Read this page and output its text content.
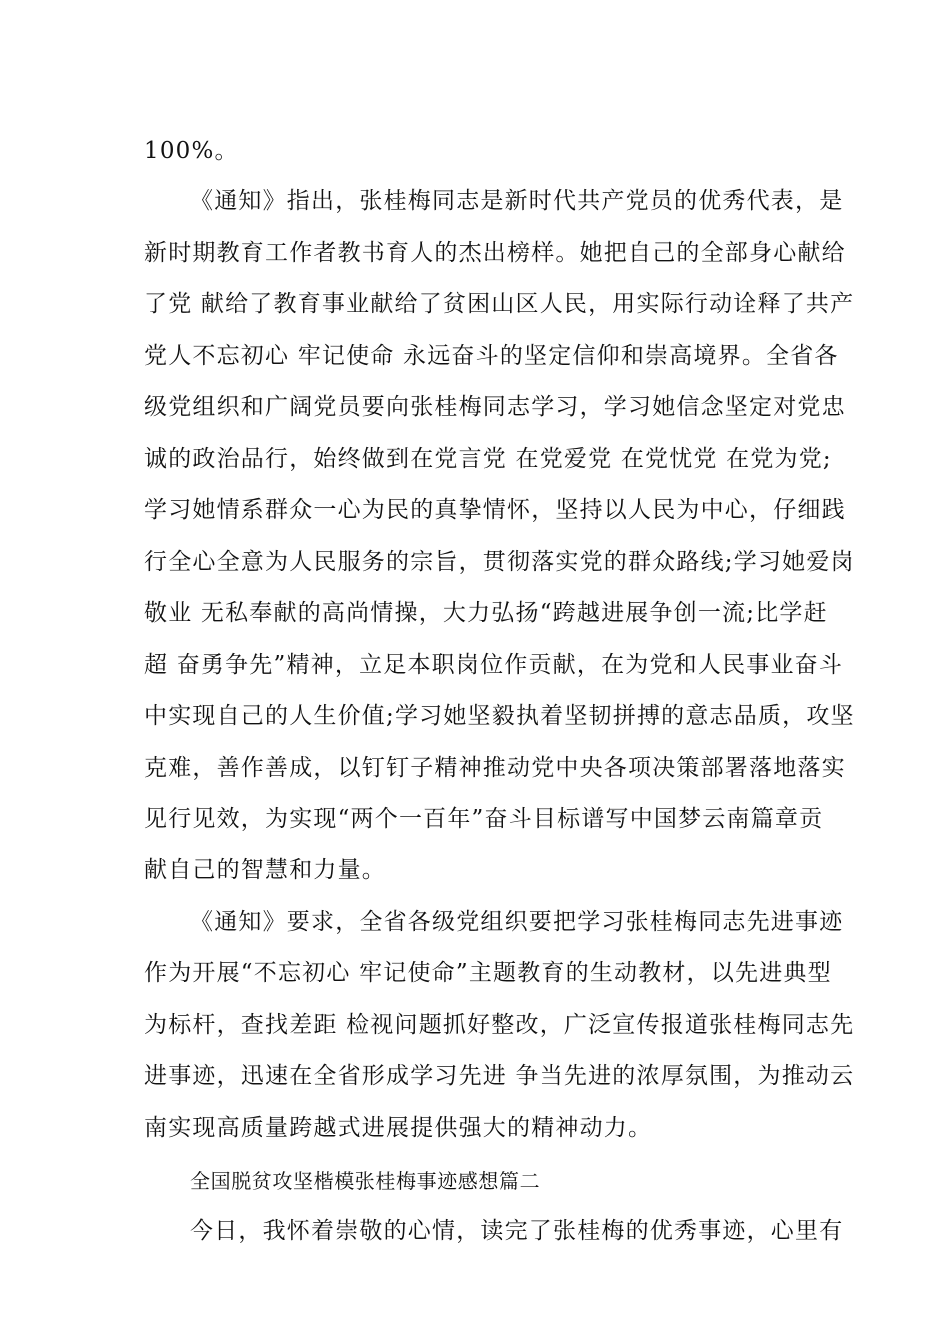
100%。
《通知》指出，张桂梅同志是新时代共产党员的优秀代表，是
新时期教育工作者教书育人的杰出榜样。她把自己的全部身心献给
了党 献给了教育事业献给了贫困山区人民，用实际行动诠释了共产
党人不忘初心 牢记使命 永远奋斗的坚定信仰和崇高境界。全省各
级党组织和广阔党员要向张桂梅同志学习，学习她信念坚定对党忠
诚的政治品行，始终做到在党言党 在党爱党 在党忧党 在党为党;
学习她情系群众一心为民的真挚情怀，坚持以人民为中心，仔细践
行全心全意为人民服务的宗旨，贯彻落实党的群众路线;学习她爱岗
敬业 无私奉献的高尚情操，大力弘扬“跨越进展争创一流;比学赶
超 奋勇争先”精神，立足本职岗位作贡献，在为党和人民事业奋斗
中实现自己的人生价值;学习她坚毅执着坚韧拼搏的意志品质，攻坚
克难，善作善成，以钉钉子精神推动党中央各项决策部署落地落实
见行见效，为实现“两个一百年”奋斗目标谱写中国梦云南篇章贡
献自己的智慧和力量。
《通知》要求，全省各级党组织要把学习张桂梅同志先进事迹
作为开展“不忘初心 牢记使命”主题教育的生动教材，以先进典型
为标杆，查找差距 检视问题抓好整改，广泛宣传报道张桂梅同志先
进事迹，迅速在全省形成学习先进 争当先进的浓厚氛围，为推动云
南实现高质量跨越式进展提供强大的精神动力。
全国脱贫攻坚楷模张桂梅事迹感想篇二
今日，我怀着崇敬的心情，读完了张桂梅的优秀事迹，心里有
